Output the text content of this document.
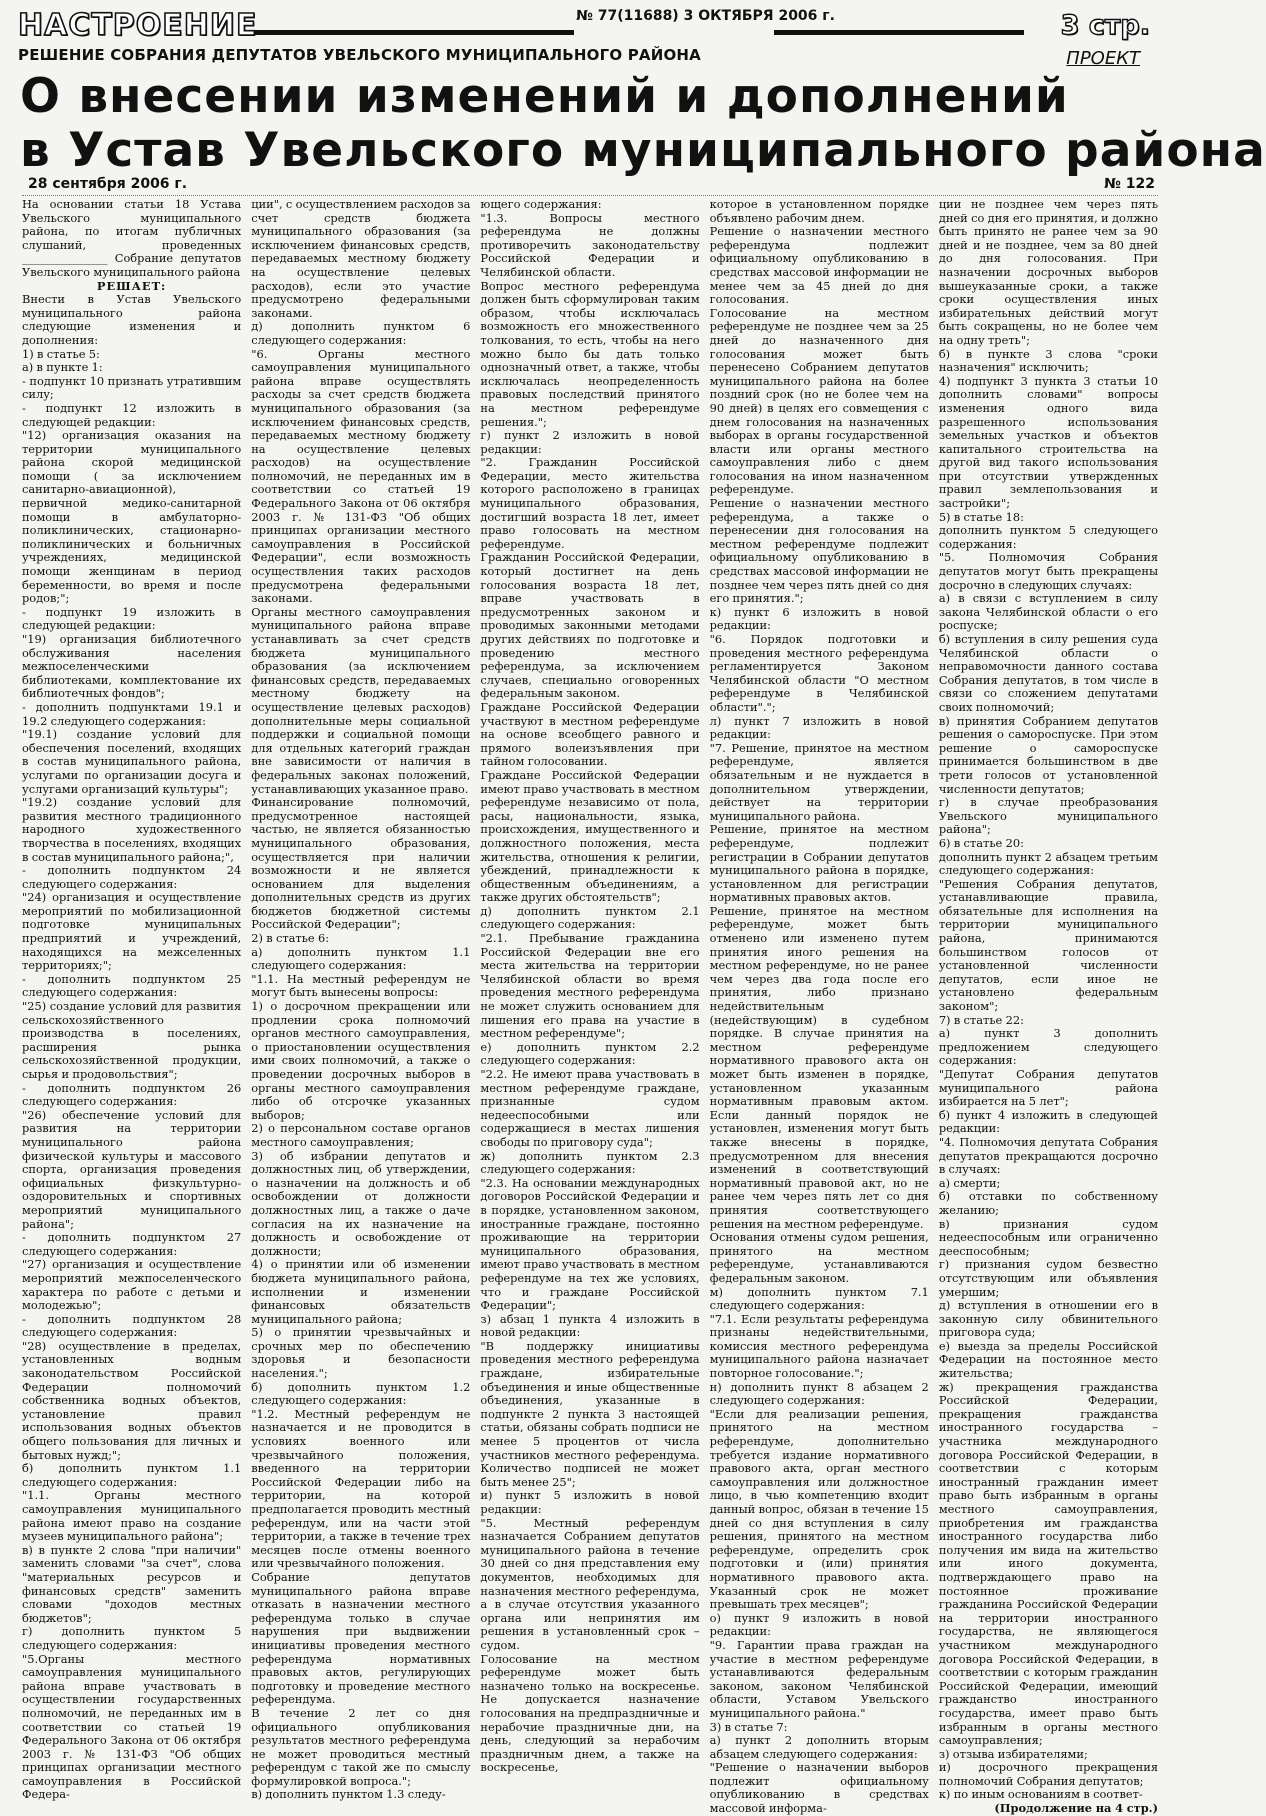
НАСТРОЕНИЕ	№ 77(11688) 3 ОКТЯБРЯ 2006 г.	3 стр.
РЕШЕНИЕ СОБРАНИЯ ДЕПУТАТОВ УВЕЛЬСКОГО МУНИЦИПАЛЬНОГО РАЙОНА	ПРОЕКТ
О внесении изменений и дополнений
в Устав Увельского муниципального района
28 сентября 2006 г.	№ 122
На основании статьи 18 Устава Увельского муниципального района, по итогам публичных слушаний, проведенных _______________ Собрание депутатов Увельского муниципального района

РЕШАЕТ:
Внести в Устав Увельского муниципального района следующие изменения и дополнения:
1) в статье 5:
а) в пункте 1:
- подпункт 10 признать утратившим силу;
- подпункт 12 изложить в следующей редакции:
"12) организация оказания на территории муниципального района скорой медицинской помощи ( за исключением санитарно-авиационной), первичной медико-санитарной помощи в амбулаторно-поликлинических, стационарно-поликлинических и больничных учреждениях, медицинской помощи женщинам в период беременности, во время и после родов;";
- подпункт 19 изложить в следующей редакции:
"19) организация библиотечного обслуживания населения межпоселенческими библиотеками, комплектование их библиотечных фондов";
- дополнить подпунктами 19.1 и 19.2 следующего содержания:
"19.1) создание условий для обеспечения поселений, входящих в состав муниципального района, услугами по организации досуга и услугами организаций культуры";
"19.2) создание условий для развития местного традиционного народного художественного творчества в поселениях, входящих в состав муниципального района;",
- дополнить подпунктом 24 следующего содержания:
"24) организация и осуществление мероприятий по мобилизационной подготовке муниципальных предприятий и учреждений, находящихся на межселенных территориях;";
- дополнить подпунктом 25 следующего содержания:
"25) создание условий для развития сельскохозяйственного производства в поселениях, расширения рынка сельскохозяйственной продукции, сырья и продовольствия";
- дополнить подпунктом 26 следующего содержания:
"26) обеспечение условий для развития на территории муниципального района физической культуры и массового спорта, организация проведения официальных физкультурно-оздоровительных и спортивных мероприятий муниципального района";
- дополнить подпунктом 27 следующего содержания:
"27) организация и осуществление мероприятий межпоселенческого характера по работе с детьми и молодежью";
- дополнить подпунктом 28 следующего содержания:
"28) осуществление в пределах, установленных водным законодательством Российской Федерации полномочий собственника водных объектов, установление правил использования водных объектов общего пользования для личных и бытовых нужд;";
б) дополнить пунктом 1.1 следующего содержания:
"1.1. Органы местного самоуправления муниципального района имеют право на создание музеев муниципального района";
в) в пункте 2 слова "при наличии" заменить словами "за счет", слова "материальных ресурсов и финансовых средств" заменить словами "доходов местных бюджетов";
г) дополнить пунктом 5 следующего содержания:
"5.Органы местного самоуправления муниципального района вправе участвовать в осуществлении государственных полномочий, не переданных им в соответствии со статьей 19 Федерального Закона от 06 октября 2003 г. № 131-ФЗ "Об общих принципах организации местного самоуправления в Российской Федера-
ции", с осуществлением расходов за счет средств бюджета муниципального образования (за исключением финансовых средств, передаваемых местному бюджету на осуществление целевых расходов), если это участие предусмотрено федеральными законами.
д) дополнить пунктом 6 следующего содержания:
"6. Органы местного самоуправления муниципального района вправе осуществлять расходы за счет средств бюджета муниципального образования (за исключением финансовых средств, передаваемых местному бюджету на осуществление целевых расходов) на осуществление полномочий, не переданных им в соответствии со статьей 19 Федерального Закона от 06 октября 2003 г. № 131-ФЗ "Об общих принципах организации местного самоуправления в Российской Федерации", если возможность осуществления таких расходов предусмотрена федеральными законами.
Органы местного самоуправления муниципального района вправе устанавливать за счет средств бюджета муниципального образования (за исключением финансовых средств, передаваемых местному бюджету на осуществление целевых расходов) дополнительные меры социальной поддержки и социальной помощи для отдельных категорий граждан вне зависимости от наличия в федеральных законах положений, устанавливающих указанное право.
Финансирование полномочий, предусмотренное настоящей частью, не является обязанностью муниципального образования, осуществляется при наличии возможности и не является основанием для выделения дополнительных средств из других бюджетов бюджетной системы Российской Федерации";
2) в статье 6:
а) дополнить пунктом 1.1 следующего содержания:
"1.1. На местный референдум не могут быть вынесены вопросы:
1) о досрочном прекращении или продлении срока полномочий органов местного самоуправления, о приостановлении осуществления ими своих полномочий, а также о проведении досрочных выборов в органы местного самоуправления либо об отсрочке указанных выборов;
2) о персональном составе органов местного самоуправления;
3) об избрании депутатов и должностных лиц, об утверждении, о назначении на должность и об освобождении от должности должностных лиц, а также о даче согласия на их назначение на должность и освобождение от должности;
4) о принятии или об изменении бюджета муниципального района, исполнении и изменении финансовых обязательств муниципального района;
5) о принятии чрезвычайных и срочных мер по обеспечению здоровья и безопасности населения.";
б) дополнить пунктом 1.2 следующего содержания:
"1.2. Местный референдум не назначается и не проводится в условиях военного или чрезвычайного положения, введенного на территории Российской Федерации либо на территории, на которой предполагается проводить местный референдум, или на части этой территории, а также в течение трех месяцев после отмены военного или чрезвычайного положения.
Собрание депутатов муниципального района вправе отказать в назначении местного референдума только в случае нарушения при выдвижении инициативы проведения местного референдума нормативных правовых актов, регулирующих подготовку и проведение местного референдума.
В течение 2 лет со дня официального опубликования результатов местного референдума не может проводиться местный референдум с такой же по смыслу формулировкой вопроса.";
в) дополнить пунктом 1.3 следу-
ющего содержания:
"1.3. Вопросы местного референдума не должны противоречить законодательству Российской Федерации и Челябинской области.
Вопрос местного референдума должен быть сформулирован таким образом, чтобы исключалась возможность его множественного толкования, то есть, чтобы на него можно было бы дать только однозначный ответ, а также, чтобы исключалась неопределенность правовых последствий принятого на местном референдуме решения.";
г) пункт 2 изложить в новой редакции:
"2. Гражданин Российской Федерации, место жительства которого расположено в границах муниципального образования, достигший возраста 18 лет, имеет право голосовать на местном референдуме.
Гражданин Российской Федерации, который достигнет на день голосования возраста 18 лет, вправе участвовать в предусмотренных законом и проводимых законными методами других действиях по подготовке и проведению местного референдума, за исключением случаев, специально оговоренных федеральным законом.
Граждане Российской Федерации участвуют в местном референдуме на основе всеобщего равного и прямого волеизъявления при тайном голосовании.
Граждане Российской Федерации имеют право участвовать в местном референдуме независимо от пола, расы, национальности, языка, происхождения, имущественного и должностного положения, места жительства, отношения к религии, убеждений, принадлежности к общественным объединениям, а также других обстоятельств";
д) дополнить пунктом 2.1 следующего содержания:
"2.1. Пребывание гражданина Российской Федерации вне его места жительства на территории Челябинской области во время проведения местного референдума не может служить основанием для лишения его права на участие в местном референдуме";
е) дополнить пунктом 2.2 следующего содержания:
"2.2. Не имеют права участвовать в местном референдуме граждане, признанные судом недееспособными или содержащиеся в местах лишения свободы по приговору суда";
ж) дополнить пунктом 2.3 следующего содержания:
"2.3. На основании международных договоров Российской Федерации и в порядке, установленном законом, иностранные граждане, постоянно проживающие на территории муниципального образования, имеют право участвовать в местном референдуме на тех же условиях, что и граждане Российской Федерации";
з) абзац 1 пункта 4 изложить в новой редакции:
"В поддержку инициативы проведения местного референдума граждане, избирательные объединения и иные общественные объединения, указанные в подпункте 2 пункта 3 настоящей статьи, обязаны собрать подписи не менее 5 процентов от числа участников местного референдума. Количество подписей не может быть менее 25";
и) пункт 5 изложить в новой редакции:
"5. Местный референдум назначается Собранием депутатов муниципального района в течение 30 дней со дня представления ему документов, необходимых для назначения местного референдума, а в случае отсутствия указанного органа или непринятия им решения в установленный срок – судом.
Голосование на местном референдуме может быть назначено только на воскресенье. Не допускается назначение голосования на предпраздничные и нерабочие праздничные дни, на день, следующий за нерабочим праздничным днем, а также на воскресенье,
которое в установленном порядке объявлено рабочим днем.
Решение о назначении местного референдума подлежит официальному опубликованию в средствах массовой информации не менее чем за 45 дней до дня голосования.
Голосование на местном референдуме не позднее чем за 25 дней до назначенного дня голосования может быть перенесено Собранием депутатов муниципального района на более поздний срок (но не более чем на 90 дней) в целях его совмещения с днем голосования на назначенных выборах в органы государственной власти или органы местного самоуправления либо с днем голосования на ином назначенном референдуме.
Решение о назначении местного референдума, а также о перенесении дня голосования на местном референдуме подлежит официальному опубликованию в средствах массовой информации не позднее чем через пять дней со дня его принятия.";
к) пункт 6 изложить в новой редакции:
"6. Порядок подготовки и проведения местного референдума регламентируется Законом Челябинской области "О местном референдуме в Челябинской области".";
л) пункт 7 изложить в новой редакции:
"7. Решение, принятое на местном референдуме, является обязательным и не нуждается в дополнительном утверждении, действует на территории муниципального района.
Решение, принятое на местном референдуме, подлежит регистрации в Собрании депутатов муниципального района в порядке, установленном для регистрации нормативных правовых актов.
Решение, принятое на местном референдуме, может быть отменено или изменено путем принятия иного решения на местном референдуме, но не ранее чем через два года после его принятия, либо признано недействительным (недействующим) в судебном порядке. В случае принятия на местном референдуме нормативного правового акта он может быть изменен в порядке, установленном указанным нормативным правовым актом. Если данный порядок не установлен, изменения могут быть также внесены в порядке, предусмотренном для внесения изменений в соответствующий нормативный правовой акт, но не ранее чем через пять лет со дня принятия соответствующего решения на местном референдуме.
Основания отмены судом решения, принятого на местном референдуме, устанавливаются федеральным законом.
м) дополнить пунктом 7.1 следующего содержания:
"7.1. Если результаты референдума признаны недействительными, комиссия местного референдума муниципального района назначает повторное голосование.";
н) дополнить пункт 8 абзацем 2 следующего содержания:
"Если для реализации решения, принятого на местном референдуме, дополнительно требуется издание нормативного правового акта, орган местного самоуправления или должностное лицо, в чью компетенцию входит данный вопрос, обязан в течение 15 дней со дня вступления в силу решения, принятого на местном референдуме, определить срок подготовки и (или) принятия нормативного правового акта. Указанный срок не может превышать трех месяцев";
о) пункт 9 изложить в новой редакции:
"9. Гарантии права граждан на участие в местном референдуме устанавливаются федеральным законом, законом Челябинской области, Уставом Увельского муниципального района."
3) в статье 7:
а) пункт 2 дополнить вторым абзацем следующего содержания:
"Решение о назначении выборов подлежит официальному опубликованию в средствах массовой информа-
ции не позднее чем через пять дней со дня его принятия, и должно быть принято не ранее чем за 90 дней и не позднее, чем за 80 дней до дня голосования. При назначении досрочных выборов вышеуказанные сроки, а также сроки осуществления иных избирательных действий могут быть сокращены, но не более чем на одну треть";
б) в пункте 3 слова "сроки назначения" исключить;
4) подпункт 3 пункта 3 статьи 10 дополнить словами" вопросы изменения одного вида разрешенного использования земельных участков и объектов капитального строительства на другой вид такого использования при отсутствии утвержденных правил землепользования и застройки";
5) в статье 18:
дополнить пунктом 5 следующего содержания:
"5. Полномочия Собрания депутатов могут быть прекращены досрочно в следующих случаях:
а) в связи с вступлением в силу закона Челябинской области о его роспуске;
б) вступления в силу решения суда Челябинской области о неправомочности данного состава Собрания депутатов, в том числе в связи со сложением депутатами своих полномочий;
в) принятия Собранием депутатов решения о самороспуске. При этом решение о самороспуске принимается большинством в две трети голосов от установленной численности депутатов;
г) в случае преобразования Увельского муниципального района";
6) в статье 20:
дополнить пункт 2 абзацем третьим следующего содержания:
"Решения Собрания депутатов, устанавливающие правила, обязательные для исполнения на территории муниципального района, принимаются большинством голосов от установленной численности депутатов, если иное не установлено федеральным законом";
7) в статье 22:
а) пункт 3 дополнить предложением следующего содержания:
"Депутат Собрания депутатов муниципального района избирается на 5 лет";
б) пункт 4 изложить в следующей редакции:
"4. Полномочия депутата Собрания депутатов прекращаются досрочно в случаях:
а) смерти;
б) отставки по собственному желанию;
в) признания судом недееспособным или ограниченно дееспособным;
г) признания судом безвестно отсутствующим или объявления умершим;
д) вступления в отношении его в законную силу обвинительного приговора суда;
е) выезда за пределы Российской Федерации на постоянное место жительства;
ж) прекращения гражданства Российской Федерации, прекращения гражданства иностранного государства – участника международного договора Российской Федерации, в соответствии с которым иностранный гражданин имеет право быть избранным в органы местного самоуправления, приобретения им гражданства иностранного государства либо получения им вида на жительство или иного документа, подтверждающего право на постоянное проживание гражданина Российской Федерации на территории иностранного государства, не являющегося участником международного договора Российской Федерации, в соответствии с которым гражданин Российской Федерации, имеющий гражданство иностранного государства, имеет право быть избранным в органы местного самоуправления;
з) отзыва избирателями;
и) досрочного прекращения полномочий Собрания депутатов;
к) по иным основаниям в соответ-

(Продолжение на 4 стр.)
